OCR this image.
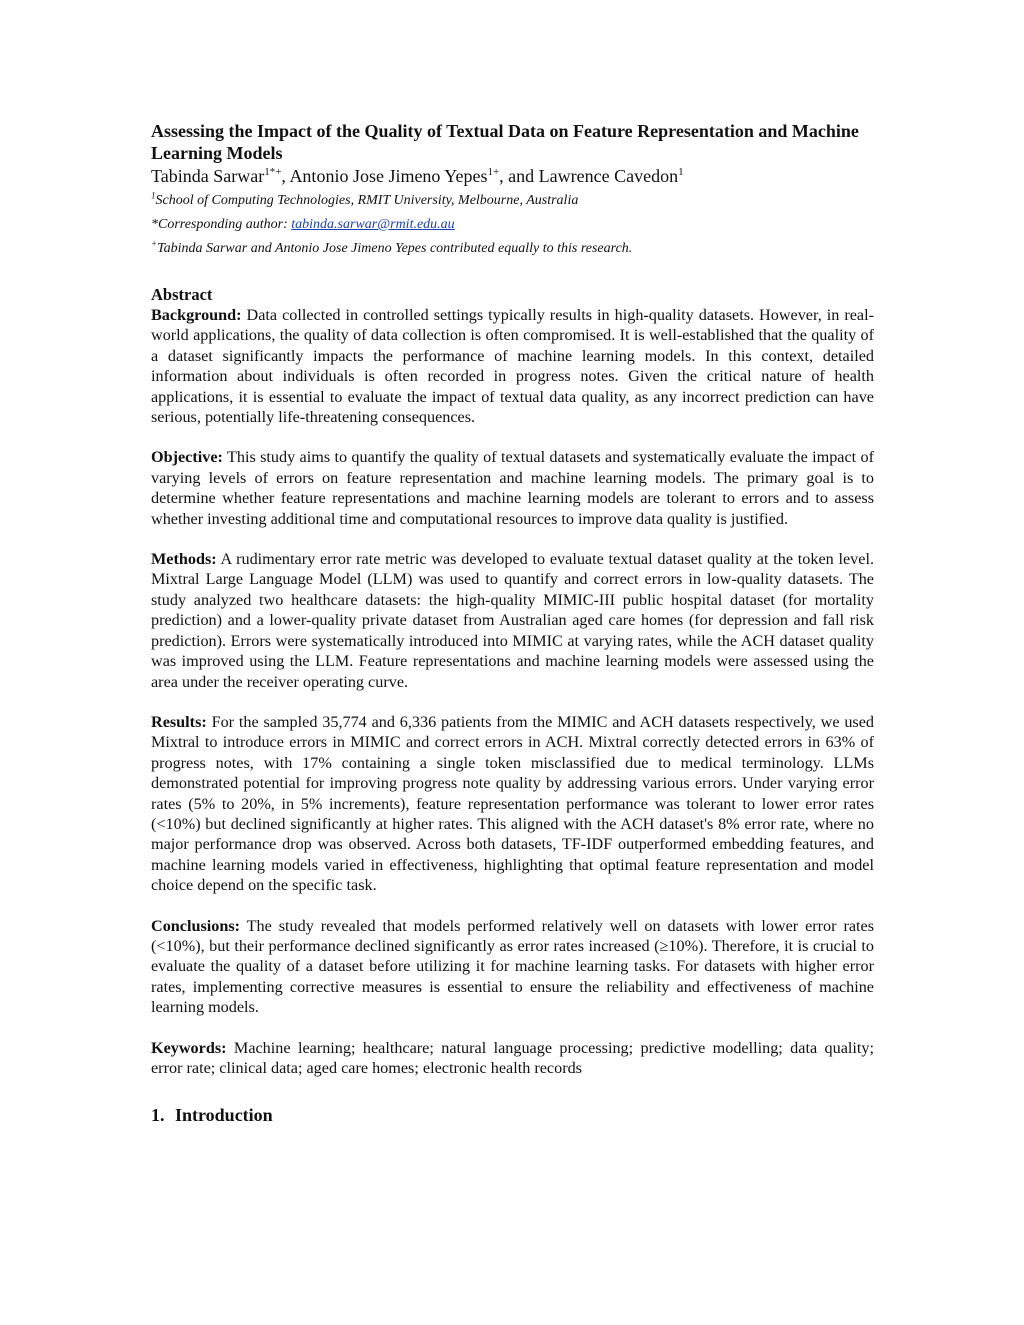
Assessing the Impact of the Quality of Textual Data on Feature Representation and Machine Learning Models
Tabinda Sarwar$^{1*+}$, Antonio Jose Jimeno Yepes$^{1+}$, and Lawrence Cavedon$^1$
$^1$School of Computing Technologies, RMIT University, Melbourne, Australia
*Corresponding author: tabinda.sarwar@rmit.edu.au
+Tabinda Sarwar and Antonio Jose Jimeno Yepes contributed equally to this research.
Abstract

Background: Data collected in controlled settings typically results in high-quality datasets. However, in real-world applications, the quality of data collection is often compromised. It is well-established that the quality of a dataset significantly impacts the performance of machine learning models. In this context, detailed information about individuals is often recorded in progress notes. Given the critical nature of health applications, it is essential to evaluate the impact of textual data quality, as any incorrect prediction can have serious, potentially life-threatening consequences.

Objective: This study aims to quantify the quality of textual datasets and systematically evaluate the impact of varying levels of errors on feature representation and machine learning models. The primary goal is to determine whether feature representations and machine learning models are tolerant to errors and to assess whether investing additional time and computational resources to improve data quality is justified.

Methods: A rudimentary error rate metric was developed to evaluate textual dataset quality at the token level. Mixtral Large Language Model (LLM) was used to quantify and correct errors in low-quality datasets. The study analyzed two healthcare datasets: the high-quality MIMIC-III public hospital dataset (for mortality prediction) and a lower-quality private dataset from Australian aged care homes (for depression and fall risk prediction). Errors were systematically introduced into MIMIC at varying rates, while the ACH dataset quality was improved using the LLM. Feature representations and machine learning models were assessed using the area under the receiver operating curve.

Results: For the sampled 35,774 and 6,336 patients from the MIMIC and ACH datasets respectively, we used Mixtral to introduce errors in MIMIC and correct errors in ACH. Mixtral correctly detected errors in 63% of progress notes, with 17% containing a single token misclassified due to medical terminology. LLMs demonstrated potential for improving progress note quality by addressing various errors. Under varying error rates (5% to 20%, in 5% increments), feature representation performance was tolerant to lower error rates (<10%) but declined significantly at higher rates. This aligned with the ACH dataset's 8% error rate, where no major performance drop was observed. Across both datasets, TF-IDF outperformed embedding features, and machine learning models varied in effectiveness, highlighting that optimal feature representation and model choice depend on the specific task.

Conclusions: The study revealed that models performed relatively well on datasets with lower error rates (<10%), but their performance declined significantly as error rates increased (≥10%). Therefore, it is crucial to evaluate the quality of a dataset before utilizing it for machine learning tasks. For datasets with higher error rates, implementing corrective measures is essential to ensure the reliability and effectiveness of machine learning models.

Keywords: Machine learning; healthcare; natural language processing; predictive modelling; data quality; error rate; clinical data; aged care homes; electronic health records

1. Introduction
